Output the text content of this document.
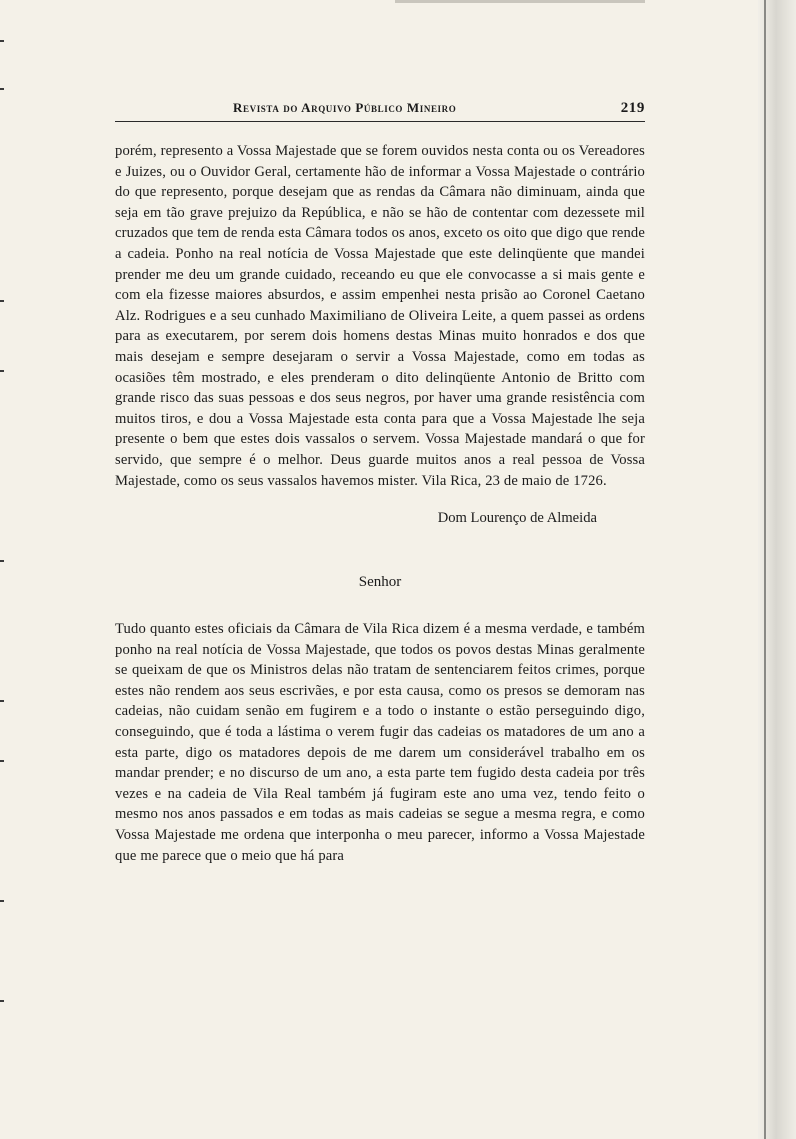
Revista do Arquivo Público Mineiro	219

porém, represento a Vossa Majestade que se forem ouvidos nesta conta ou os Vereadores e Juizes, ou o Ouvidor Geral, certamente hão de informar a Vossa Majestade o contrário do que represento, porque desejam que as rendas da Câmara não diminuam, ainda que seja em tão grave prejuizo da República, e não se hão de contentar com dezessete mil cruzados que tem de renda esta Câmara todos os anos, exceto os oito que digo que rende a cadeia. Ponho na real notícia de Vossa Majestade que este delinqüente que mandei prender me deu um grande cuidado, receando eu que ele convocasse a si mais gente e com ela fizesse maiores absurdos, e assim empenhei nesta prisão ao Coronel Caetano Alz. Rodrigues e a seu cunhado Maximiliano de Oliveira Leite, a quem passei as ordens para as executarem, por serem dois homens destas Minas muito honrados e dos que mais desejam e sempre desejaram o servir a Vossa Majestade, como em todas as ocasiões têm mostrado, e eles prenderam o dito delinqüente Antonio de Britto com grande risco das suas pessoas e dos seus negros, por haver uma grande resistência com muitos tiros, e dou a Vossa Majestade esta conta para que a Vossa Majestade lhe seja presente o bem que estes dois vassalos o servem. Vossa Majestade mandará o que for servido, que sempre é o melhor. Deus guarde muitos anos a real pessoa de Vossa Majestade, como os seus vassalos havemos mister. Vila Rica, 23 de maio de 1726.

Dom Lourenço de Almeida
Senhor

Tudo quanto estes oficiais da Câmara de Vila Rica dizem é a mesma verdade, e também ponho na real notícia de Vossa Majestade, que todos os povos destas Minas geralmente se queixam de que os Ministros delas não tratam de sentenciarem feitos crimes, porque estes não rendem aos seus escrivães, e por esta causa, como os presos se demoram nas cadeias, não cuidam senão em fugirem e a todo o instante o estão perseguindo digo, conseguindo, que é toda a lástima o verem fugir das cadeias os matadores de um ano a esta parte, digo os matadores depois de me darem um considerável trabalho em os mandar prender; e no discurso de um ano, a esta parte tem fugido desta cadeia por três vezes e na cadeia de Vila Real também já fugiram este ano uma vez, tendo feito o mesmo nos anos passados e em todas as mais cadeias se segue a mesma regra, e como Vossa Majestade me ordena que interponha o meu parecer, informo a Vossa Majestade que me parece que o meio que há para
